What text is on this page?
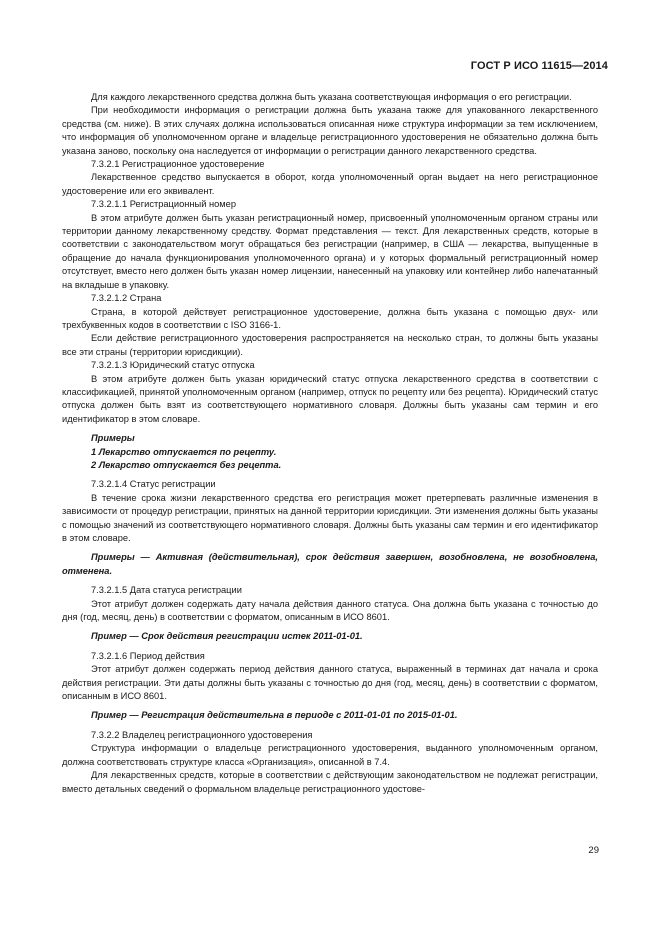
ГОСТ Р ИСО 11615—2014

Для каждого лекарственного средства должна быть указана соответствующая информация о его регистрации.

При необходимости информация о регистрации должна быть указана также для упакованного лекарственного средства (см. ниже). В этих случаях должна использоваться описанная ниже структура информации за тем исключением, что информация об уполномоченном органе и владельце регистрационного удостоверения не обязательно должна быть указана заново, поскольку она наследуется от информации о регистрации данного лекарственного средства.

7.3.2.1 Регистрационное удостоверение

Лекарственное средство выпускается в оборот, когда уполномоченный орган выдает на него регистрационное удостоверение или его эквивалент.

7.3.2.1.1 Регистрационный номер

В этом атрибуте должен быть указан регистрационный номер, присвоенный уполномоченным органом страны или территории данному лекарственному средству. Формат представления — текст. Для лекарственных средств, которые в соответствии с законодательством могут обращаться без регистрации (например, в США — лекарства, выпущенные в обращение до начала функционирования уполномоченного органа) и у которых формальный регистрационный номер отсутствует, вместо него должен быть указан номер лицензии, нанесенный на упаковку или контейнер либо напечатанный на вкладыше в упаковку.

7.3.2.1.2 Страна

Страна, в которой действует регистрационное удостоверение, должна быть указана с помощью двух- или трехбуквенных кодов в соответствии с ISO 3166-1.

Если действие регистрационного удостоверения распространяется на несколько стран, то должны быть указаны все эти страны (территории юрисдикции).

7.3.2.1.3 Юридический статус отпуска

В этом атрибуте должен быть указан юридический статус отпуска лекарственного средства в соответствии с классификацией, принятой уполномоченным органом (например, отпуск по рецепту или без рецепта). Юридический статус отпуска должен быть взят из соответствующего нормативного словаря. Должны быть указаны сам термин и его идентификатор в этом словаре.

Примеры

1 Лекарство отпускается по рецепту.

2 Лекарство отпускается без рецепта.

7.3.2.1.4 Статус регистрации

В течение срока жизни лекарственного средства его регистрация может претерпевать различные изменения в зависимости от процедур регистрации, принятых на данной территории юрисдикции. Эти изменения должны быть указаны с помощью значений из соответствующего нормативного словаря. Должны быть указаны сам термин и его идентификатор в этом словаре.

Примеры — Активная (действительная), срок действия завершен, возобновлена, не возобновлена, отменена.

7.3.2.1.5 Дата статуса регистрации

Этот атрибут должен содержать дату начала действия данного статуса. Она должна быть указана с точностью до дня (год, месяц, день) в соответствии с форматом, описанным в ИСО 8601.

Пример — Срок действия регистрации истек 2011-01-01.

7.3.2.1.6 Период действия

Этот атрибут должен содержать период действия данного статуса, выраженный в терминах дат начала и срока действия регистрации. Эти даты должны быть указаны с точностью до дня (год, месяц, день) в соответствии с форматом, описанным в ИСО 8601.

Пример — Регистрация действительна в периоде с 2011-01-01 по 2015-01-01.

7.3.2.2 Владелец регистрационного удостоверения

Структура информации о владельце регистрационного удостоверения, выданного уполномоченным органом, должна соответствовать структуре класса «Организация», описанной в 7.4.

Для лекарственных средств, которые в соответствии с действующим законодательством не подлежат регистрации, вместо детальных сведений о формальном владельце регистрационного удостове-

29
